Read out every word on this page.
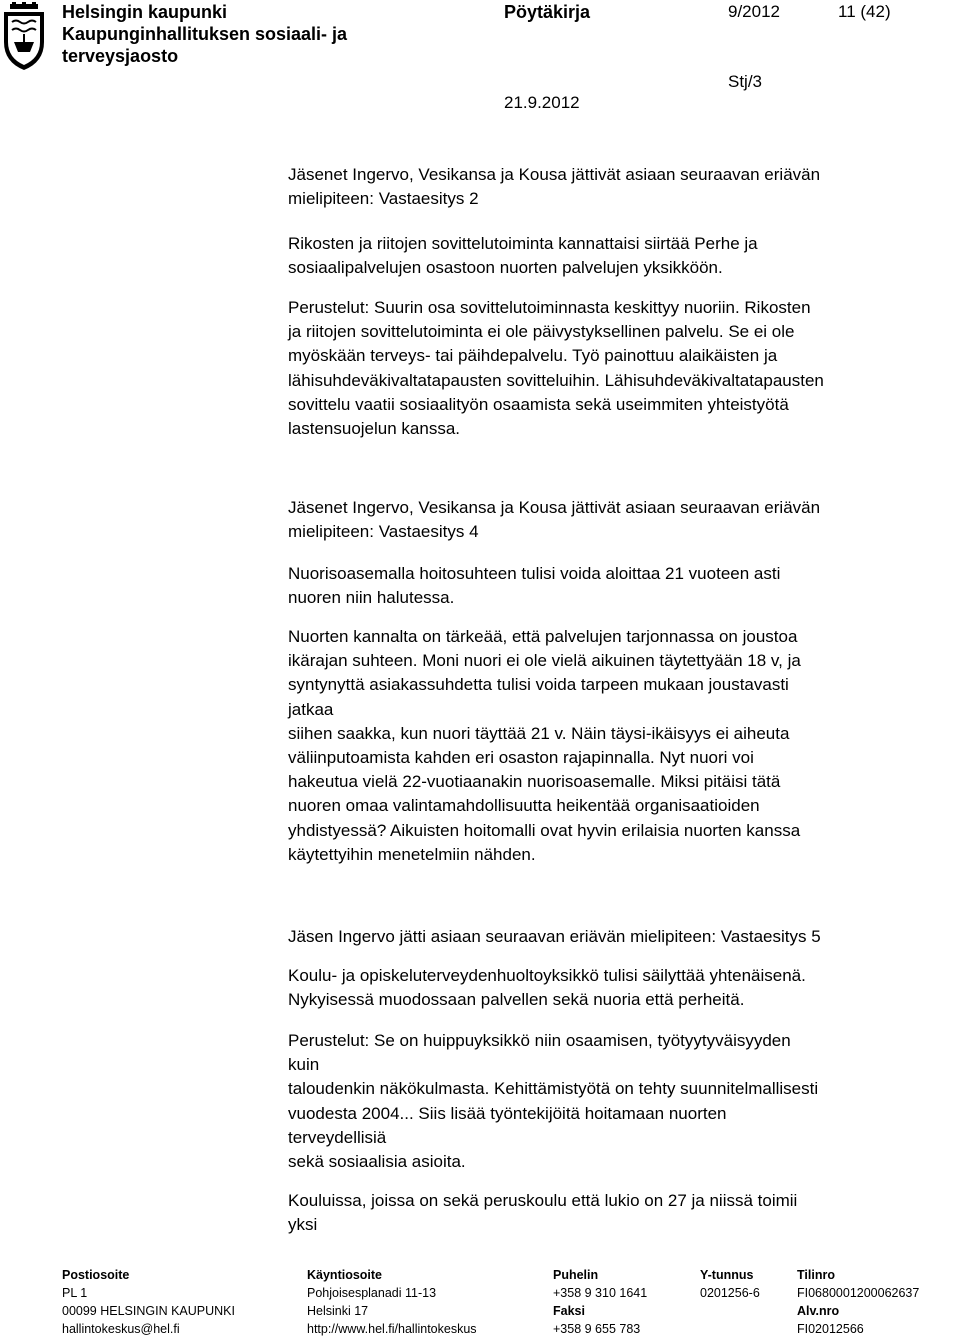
Helsingin kaupunki
Kaupunginhallituksen sosiaali- ja
terveysjaosto
Pöytäkirja	9/2012	11 (42)
Stj/3
21.9.2012

Jäsenet Ingervo, Vesikansa ja Kousa jättivät asiaan seuraavan eriävän
mielipiteen: Vastaesitys 2

Rikosten ja riitojen sovittelutoiminta kannattaisi siirtää Perhe ja
sosiaalipalvelujen osastoon nuorten palvelujen yksikköön.

Perustelut: Suurin osa sovittelutoiminnasta keskittyy nuoriin. Rikosten
ja riitojen sovittelutoiminta ei ole päivystyksellinen palvelu. Se ei ole
myöskään terveys- tai päihdepalvelu. Työ painottuu alaikäisten ja
lähisuhdeväkivaltatapausten sovitteluihin. Lähisuhdeväkivaltatapausten
sovittelu vaatii sosiaalityön osaamista sekä useimmiten yhteistyötä
lastensuojelun kanssa.

Jäsenet Ingervo, Vesikansa ja Kousa jättivät asiaan seuraavan eriävän
mielipiteen: Vastaesitys 4

Nuorisoasemalla hoitosuhteen tulisi voida aloittaa 21 vuoteen asti
nuoren niin halutessa.

Nuorten kannalta on tärkeää, että palvelujen tarjonnassa on joustoa
ikärajan suhteen. Moni nuori ei ole vielä aikuinen täytettyään 18 v, ja
syntynyttä asiakassuhdetta tulisi voida tarpeen mukaan joustavasti
jatkaa
siihen saakka, kun nuori täyttää 21 v. Näin täysi-ikäisyys ei aiheuta
väliinputoamista kahden eri osaston rajapinnalla. Nyt nuori voi
hakeutua vielä 22-vuotiaanakin nuorisoasemalle. Miksi pitäisi tätä
nuoren omaa valintamahdollisuutta heikentää organisaatioiden
yhdistyessä? Aikuisten hoitomalli ovat hyvin erilaisia nuorten kanssa
käytettyihin menetelmiin nähden.

Jäsen Ingervo jätti asiaan seuraavan eriävän mielipiteen: Vastaesitys 5

Koulu- ja opiskeluterveydenhuoltoyksikkö tulisi säilyttää yhtenäisenä.
Nykyisessä muodossaan palvellen sekä nuoria että perheitä.

Perustelut: Se on huippuyksikkö niin osaamisen, työtyytyväisyyden
kuin
taloudenkin näkökulmasta. Kehittämistyötä on tehty suunnitelmallisesti
vuodesta 2004... Siis lisää työntekijöitä hoitamaan nuorten
terveydellisiä
sekä sosiaalisia asioita.

Kouluissa, joissa on sekä peruskoulu että lukio on 27 ja niissä toimii
yksi

Postiosoite
PL 1
00099 HELSINGIN KAUPUNKI
hallintokeskus@hel.fi
Käyntiosoite
Pohjoisesplanadi 11-13
Helsinki 17
http://www.hel.fi/hallintokeskus
Puhelin
+358 9 310 1641
Faksi
+358 9 655 783
Y-tunnus
0201256-6
Tilinro
FI0680001200062637
Alv.nro
FI02012566
